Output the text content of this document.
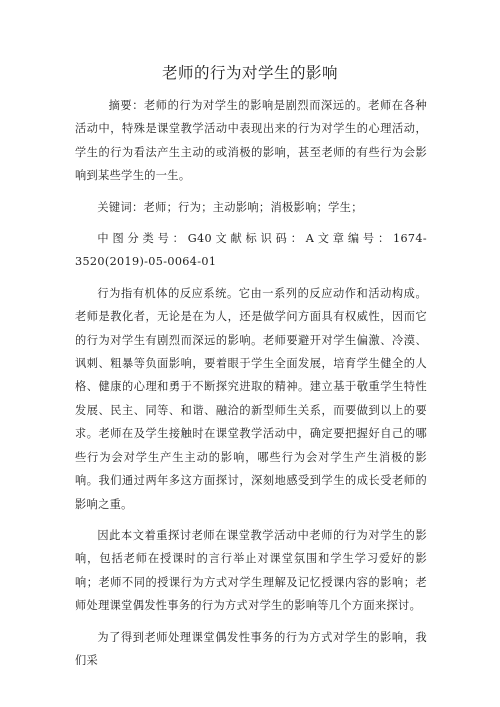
老师的行为对学生的影响

摘要：老师的行为对学生的影响是剧烈而深远的。老师在各种活动中，特殊是课堂教学活动中表现出来的行为对学生的心理活动，学生的行为看法产生主动的或消极的影响，甚至老师的有些行为会影响到某些学生的一生。

关键词：老师；行为；主动影响；消极影响；学生；

中图分类号：G40文献标识码：A文章编号：1674-3520(2019)-05-0064-01

行为指有机体的反应系统。它由一系列的反应动作和活动构成。老师是教化者，无论是在为人，还是做学问方面具有权威性，因而它的行为对学生有剧烈而深远的影响。老师要避开对学生偏激、冷漠、讽刺、粗暴等负面影响，要着眼于学生全面发展，培育学生健全的人格、健康的心理和勇于不断探究进取的精神。建立基于敬重学生特性发展、民主、同等、和谐、融洽的新型师生关系，而要做到以上的要求。老师在及学生接触时在课堂教学活动中，确定要把握好自己的哪些行为会对学生产生主动的影响，哪些行为会对学生产生消极的影响。我们通过两年多这方面探讨，深刻地感受到学生的成长受老师的影响之重。

因此本文着重探讨老师在课堂教学活动中老师的行为对学生的影响，包括老师在授课时的言行举止对课堂氛围和学生学习爱好的影响；老师不同的授课行为方式对学生理解及记忆授课内容的影响；老师处理课堂偶发性事务的行为方式对学生的影响等几个方面来探讨。

为了得到老师处理课堂偶发性事务的行为方式对学生的影响，我们采
